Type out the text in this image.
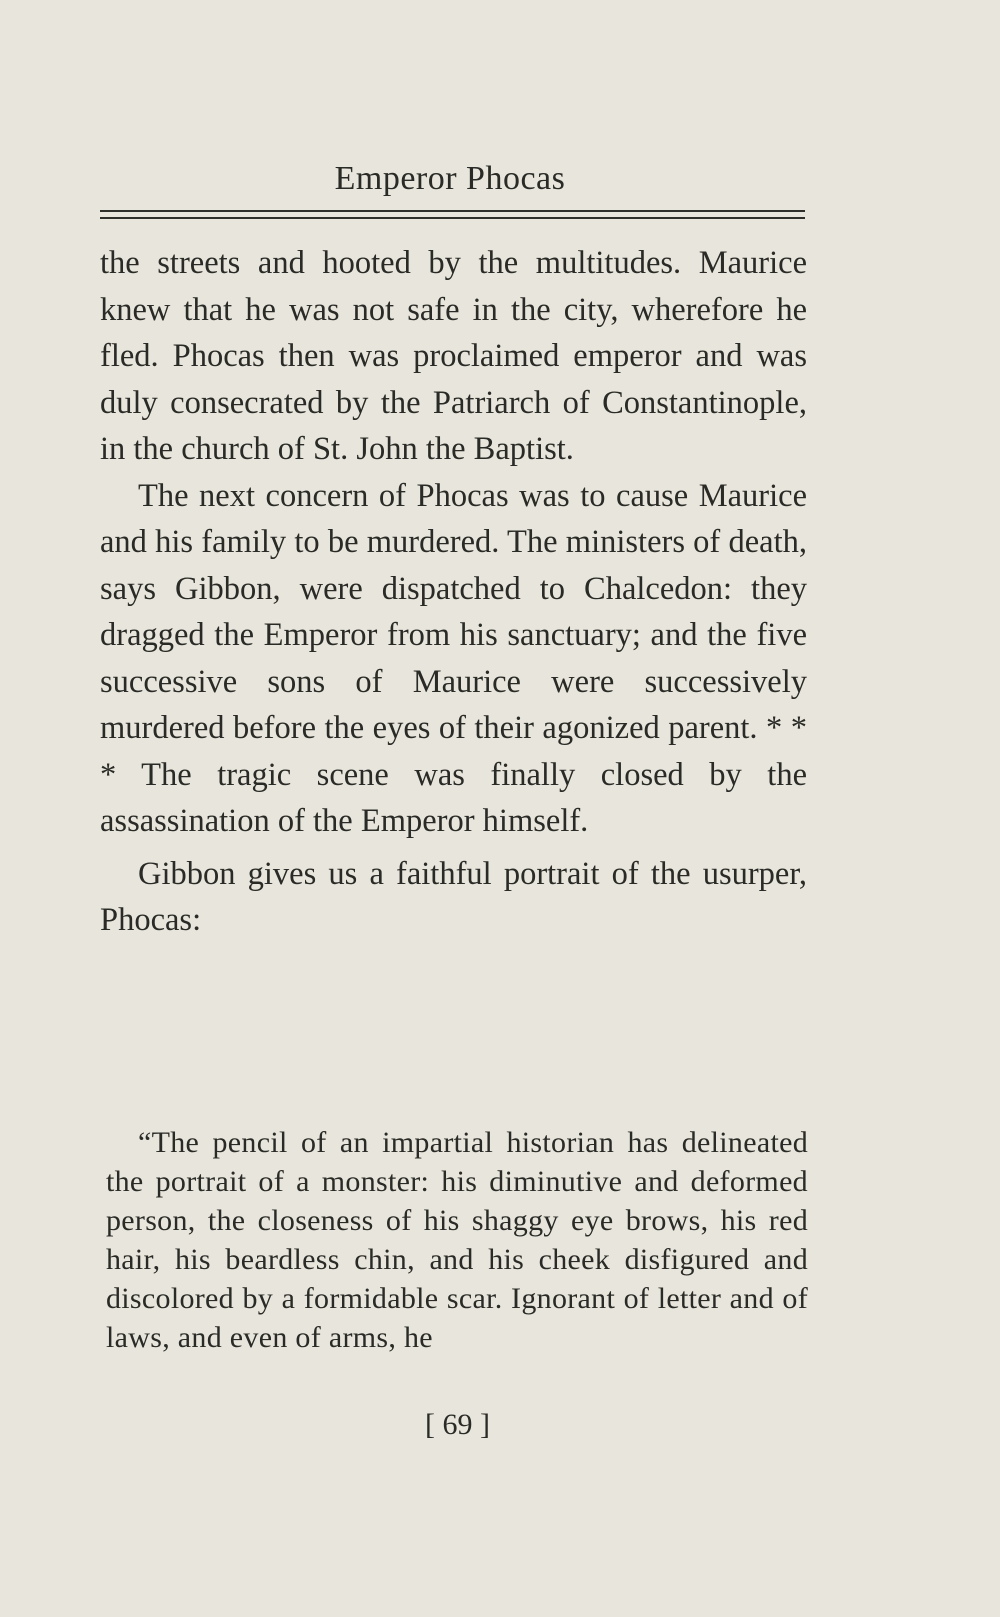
Emperor Phocas

the streets and hooted by the multitudes. Maurice knew that he was not safe in the city, wherefore he fled. Phocas then was proclaimed emperor and was duly consecrated by the Patriarch of Constantinople, in the church of St. John the Baptist.

The next concern of Phocas was to cause Maurice and his family to be murdered. The ministers of death, says Gibbon, were dispatched to Chalcedon: they dragged the Emperor from his sanctuary; and the five successive sons of Maurice were successively murdered before the eyes of their agonized parent. * * * The tragic scene was finally closed by the assassination of the Emperor himself.

Gibbon gives us a faithful portrait of the usurper, Phocas:

“The pencil of an impartial historian has delineated the portrait of a monster: his diminutive and deformed person, the closeness of his shaggy eye brows, his red hair, his beardless chin, and his cheek disfigured and discolored by a formidable scar. Ignorant of letter and of laws, and even of arms, he

[ 69 ]
